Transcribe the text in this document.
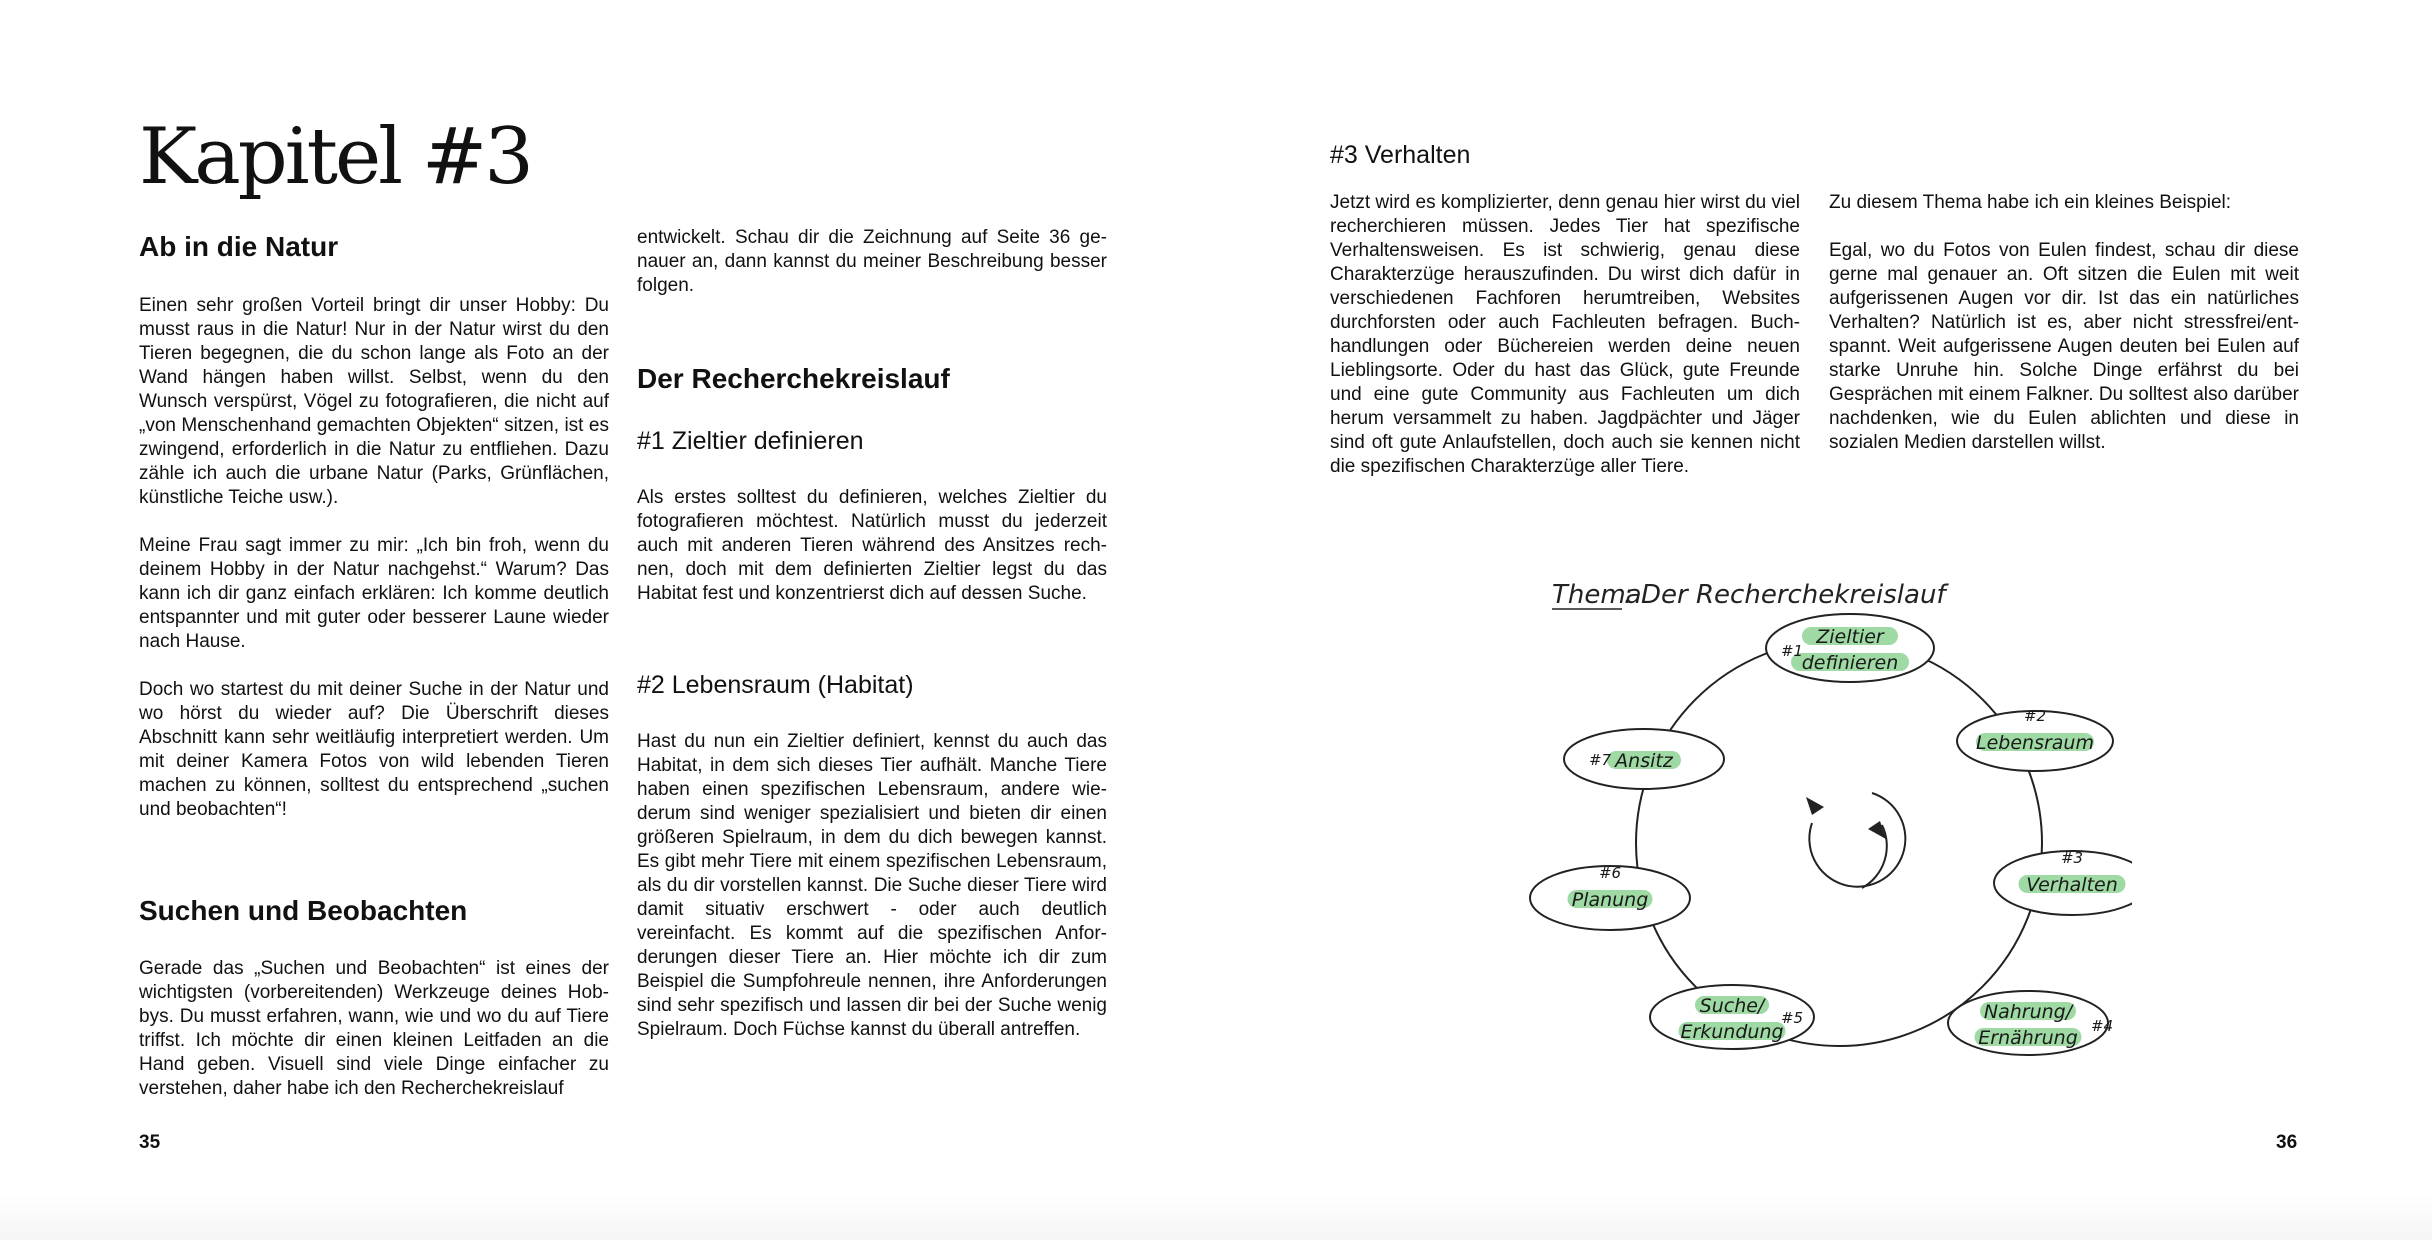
Kapitel #3
Ab in die Natur

Einen sehr großen Vorteil bringt dir unser Hobby: Du musst raus in die Natur! Nur in der Natur wirst du den Tieren begegnen, die du schon lange als Foto an der Wand hängen haben willst. Selbst, wenn du den Wunsch verspürst, Vögel zu fotografieren, die nicht auf „von Menschenhand gemachten Objekten“ sitzen, ist es zwingend, erforderlich in die Natur zu entfliehen. Dazu zähle ich auch die urbane Natur (Parks, Grünflächen, künstliche Teiche usw.).

Meine Frau sagt immer zu mir: „Ich bin froh, wenn du deinem Hobby in der Natur nachgehst.“ Warum? Das kann ich dir ganz einfach erklären: Ich komme deutlich entspannter und mit guter oder besserer Laune wieder nach Hause.

Doch wo startest du mit deiner Suche in der Natur und wo hörst du wieder auf? Die Überschrift dieses Abschnitt kann sehr weitläufig interpretiert werden. Um mit deiner Kamera Fotos von wild lebenden Tieren machen zu können, solltest du entsprechend „suchen und beobachten“!

Suchen und Beobachten

Gerade das „Suchen und Beobachten“ ist eines der wichtigsten (vorbereitenden) Werkzeuge deines Hobbys. Du musst erfahren, wann, wie und wo du auf Tiere triffst. Ich möchte dir einen kleinen Leitfaden an die Hand geben. Visuell sind viele Dinge einfacher zu verstehen, daher habe ich den Recherchekreislauf

entwickelt. Schau dir die Zeichnung auf Seite 36 genauer an, dann kannst du meiner Beschreibung besser folgen.

Der Recherchekreislauf
#1 Zieltier definieren

Als erstes solltest du definieren, welches Zieltier du fotografieren möchtest. Natürlich musst du jederzeit auch mit anderen Tieren während des Ansitzes rechnen, doch mit dem definierten Zieltier legst du das Habitat fest und konzentrierst dich auf dessen Suche.

#2 Lebensraum (Habitat)

Hast du nun ein Zieltier definiert, kennst du auch das Habitat, in dem sich dieses Tier aufhält. Manche Tiere haben einen spezifischen Lebensraum, andere wiederum sind weniger spezialisiert und bieten dir einen größeren Spielraum, in dem du dich bewegen kannst. Es gibt mehr Tiere mit einem spezifischen Lebensraum, als du dir vorstellen kannst. Die Suche dieser Tiere wird damit situativ erschwert - oder auch deutlich vereinfacht. Es kommt auf die spezifischen Anforderungen dieser Tiere an. Hier möchte ich dir zum Beispiel die Sumpfohreule nennen, ihre Anforderungen sind sehr spezifisch und lassen dir bei der Suche wenig Spielraum. Doch Füchse kannst du überall antreffen.

35
#3 Verhalten

Jetzt wird es komplizierter, denn genau hier wirst du viel recherchieren müssen. Jedes Tier hat spezifische Verhaltensweisen. Es ist schwierig, genau diese Charakterzüge herauszufinden. Du wirst dich dafür in verschiedenen Fachforen herumtreiben, Websites durchforsten oder auch Fachleuten befragen. Buchhandlungen oder Büchereien werden deine neuen Lieblingsorte. Oder du hast das Glück, gute Freunde und eine gute Community aus Fachleuten um dich herum versammelt zu haben. Jagdpächter und Jäger sind oft gute Anlaufstellen, doch auch sie kennen nicht die spezifischen Charakterzüge aller Tiere.

Zu diesem Thema habe ich ein kleines Beispiel:

Egal, wo du Fotos von Eulen findest, schau dir diese gerne mal genauer an. Oft sitzen die Eulen mit weit aufgerissenen Augen vor dir. Ist das ein natürliches Verhalten? Natürlich ist es, aber nicht stressfrei/entspannt. Weit aufgerissene Augen deuten bei Eulen auf starke Unruhe hin. Solche Dinge erfährst du bei Gesprächen mit einem Falkner. Du solltest also darüber nachdenken, wie du Eulen ablichten und diese in sozialen Medien darstellen willst.

Thema
: Der Recherchekreislauf
Zieltier
definieren
#1
Lebensraum
#2
Verhalten
#3
Nahrung/
Ernährung
#4
Suche/
Erkundung
#5
Planung
#6
Ansitz
#7
36
